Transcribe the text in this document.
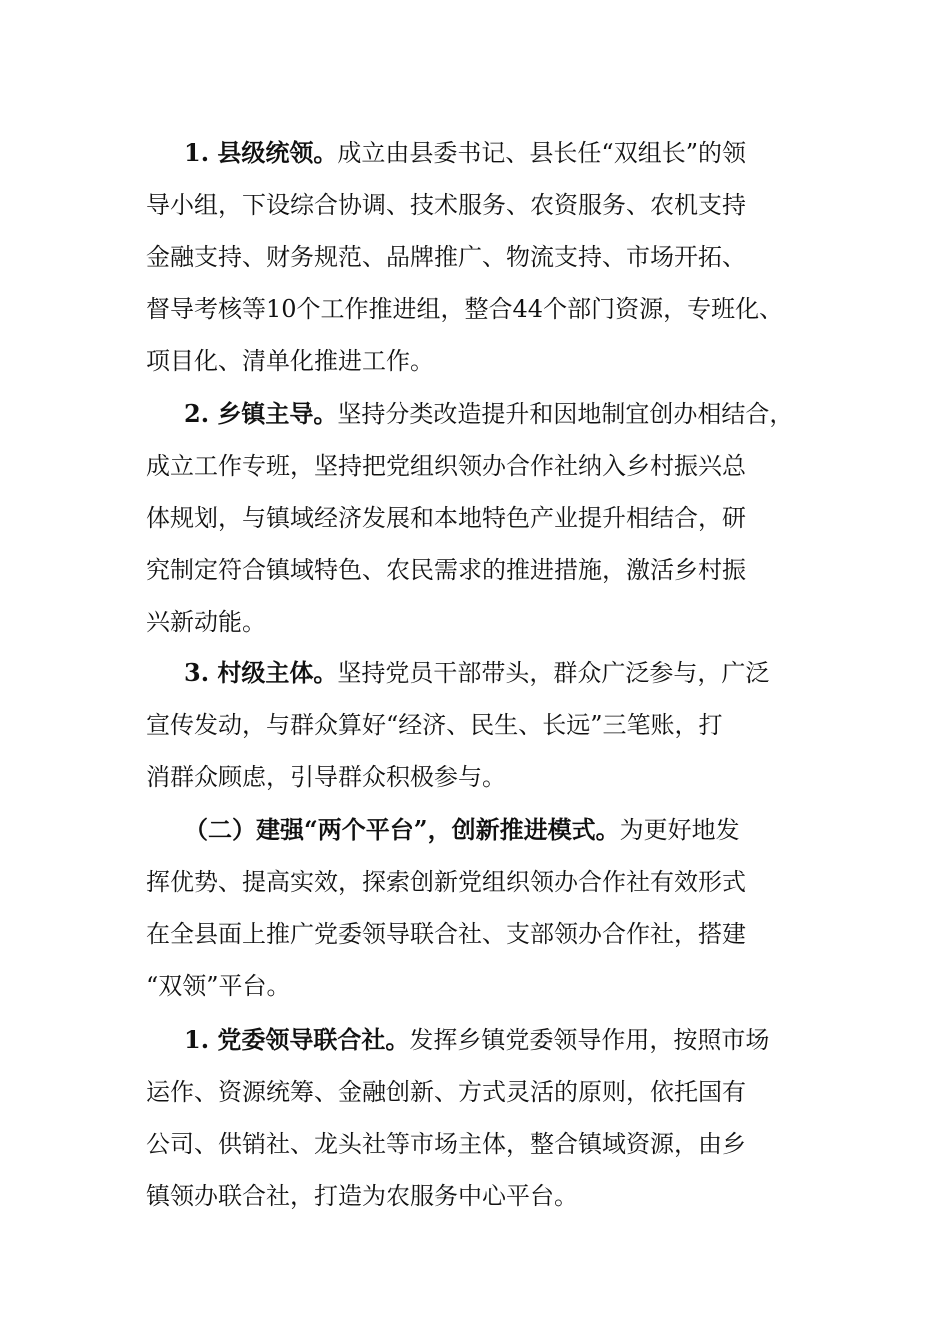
1. 县级统领。成立由县委书记、县长任“双组长”的领
导小组，下设综合协调、技术服务、农资服务、农机支持
金融支持、财务规范、品牌推广、物流支持、市场开拓、
督导考核等10个工作推进组，整合44个部门资源，专班化、
项目化、清单化推进工作。

2. 乡镇主导。坚持分类改造提升和因地制宜创办相结合，
成立工作专班，坚持把党组织领办合作社纳入乡村振兴总
体规划，与镇域经济发展和本地特色产业提升相结合，研
究制定符合镇域特色、农民需求的推进措施，激活乡村振
兴新动能。

3. 村级主体。坚持党员干部带头，群众广泛参与，广泛
宣传发动，与群众算好“经济、民生、长远”三笔账，打
消群众顾虑，引导群众积极参与。

（二）建强“两个平台”，创新推进模式。为更好地发
挥优势、提高实效，探索创新党组织领办合作社有效形式
在全县面上推广党委领导联合社、支部领办合作社，搭建
“双领”平台。

1. 党委领导联合社。发挥乡镇党委领导作用，按照市场
运作、资源统筹、金融创新、方式灵活的原则，依托国有
公司、供销社、龙头社等市场主体，整合镇域资源，由乡
镇领办联合社，打造为农服务中心平台。
